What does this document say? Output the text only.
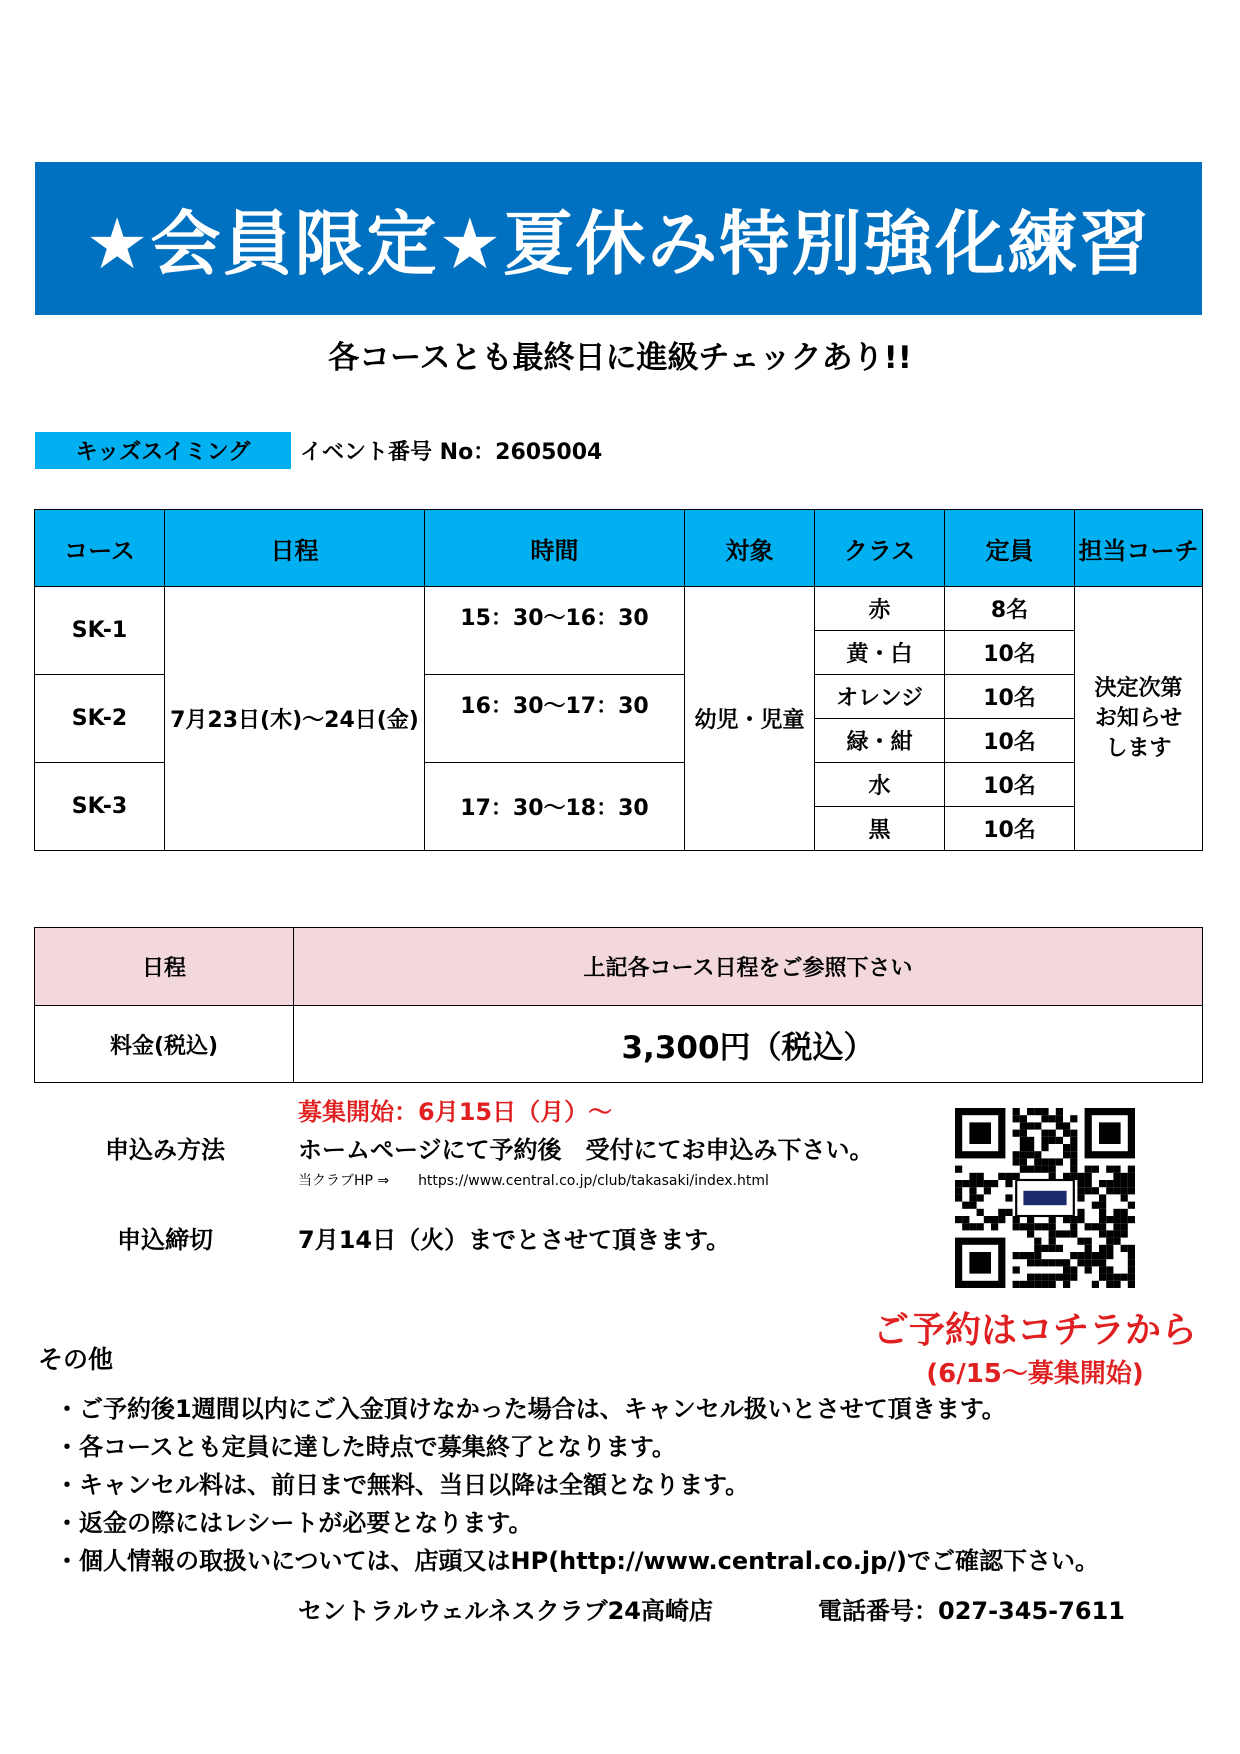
★会員限定★夏休み特別強化練習
各コースとも最終日に進級チェックあり!!
キッズスイミング	イベント番号 No：2605004
コース	日程	時間	対象	クラス	定員	担当コーチ
SK-1	7月23日(木)～24日(金)	15：30～16：30	幼児・児童	赤	8名	決定次第お知らせします

				黄・白	10名	
SK-2		16：30～17：30		オレンジ	10名	
				緑・紺	10名	
SK-3		17：30～18：30		水	10名	
				黒	10名	
日程	上記各コース日程をご参照下さい
料金(税込)	3,300円（税込）
募集開始：6月15日（月）～
申込み方法	ホームページにて予約後　受付にてお申込み下さい。
当クラブHP ⇒ https://www.central.co.jp/club/takasaki/index.html
申込締切	7月14日（火）までとさせて頂きます。
ご予約はコチラから
(6/15～募集開始)
その他
・ご予約後1週間以内にご入金頂けなかった場合は、キャンセル扱いとさせて頂きます。
・各コースとも定員に達した時点で募集終了となります。
・キャンセル料は、前日まで無料、当日以降は全額となります。
・返金の際にはレシートが必要となります。
・個人情報の取扱いについては、店頭又はHP(http://www.central.co.jp/)でご確認下さい。
セントラルウェルネスクラブ24高崎店	電話番号：027-345-7611
